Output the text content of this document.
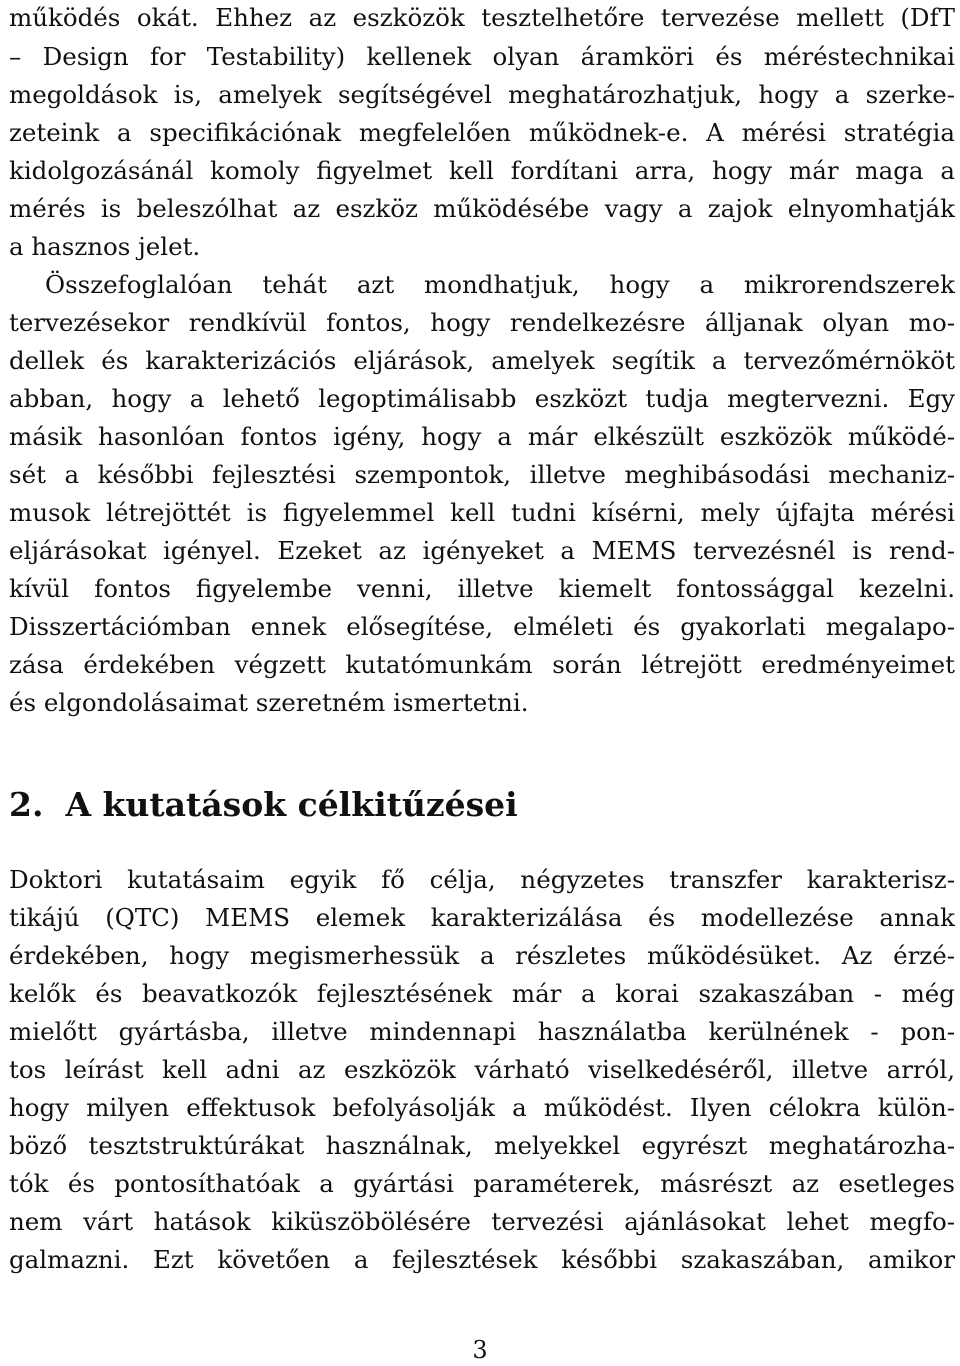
működés okát. Ehhez az eszközök tesztelhetőre tervezése mellett (DfT
– Design for Testability) kellenek olyan áramköri és méréstechnikai
megoldások is, amelyek segítségével meghatározhatjuk, hogy a szerke-
zeteink a specifikációnak megfelelően működnek-e. A mérési stratégia
kidolgozásánál komoly figyelmet kell fordítani arra, hogy már maga a
mérés is beleszólhat az eszköz működésébe vagy a zajok elnyomhatják
a hasznos jelet.
Összefoglalóan tehát azt mondhatjuk, hogy a mikrorendszerek
tervezésekor rendkívül fontos, hogy rendelkezésre álljanak olyan mo-
dellek és karakterizációs eljárások, amelyek segítik a tervezőmérnököt
abban, hogy a lehető legoptimálisabb eszközt tudja megtervezni. Egy
másik hasonlóan fontos igény, hogy a már elkészült eszközök működé-
sét a későbbi fejlesztési szempontok, illetve meghibásodási mechaniz-
musok létrejöttét is figyelemmel kell tudni kísérni, mely újfajta mérési
eljárásokat igényel. Ezeket az igényeket a MEMS tervezésnél is rend-
kívül fontos figyelembe venni, illetve kiemelt fontossággal kezelni.
Disszertációmban ennek elősegítése, elméleti és gyakorlati megalapo-
zása érdekében végzett kutatómunkám során létrejött eredményeimet
és elgondolásaimat szeretném ismertetni.
2. A kutatások célkitűzései
Doktori kutatásaim egyik fő célja, négyzetes transzfer karakterisz-
tikájú (QTC) MEMS elemek karakterizálása és modellezése annak
érdekében, hogy megismerhessük a részletes működésüket. Az érzé-
kelők és beavatkozók fejlesztésének már a korai szakaszában - még
mielőtt gyártásba, illetve mindennapi használatba kerülnének - pon-
tos leírást kell adni az eszközök várható viselkedéséről, illetve arról,
hogy milyen effektusok befolyásolják a működést. Ilyen célokra külön-
böző tesztstruktúrákat használnak, melyekkel egyrészt meghatározha-
tók és pontosíthatóak a gyártási paraméterek, másrészt az esetleges
nem várt hatások kiküszöbölésére tervezési ajánlásokat lehet megfo-
galmazni. Ezt követően a fejlesztések későbbi szakaszában, amikor
3
